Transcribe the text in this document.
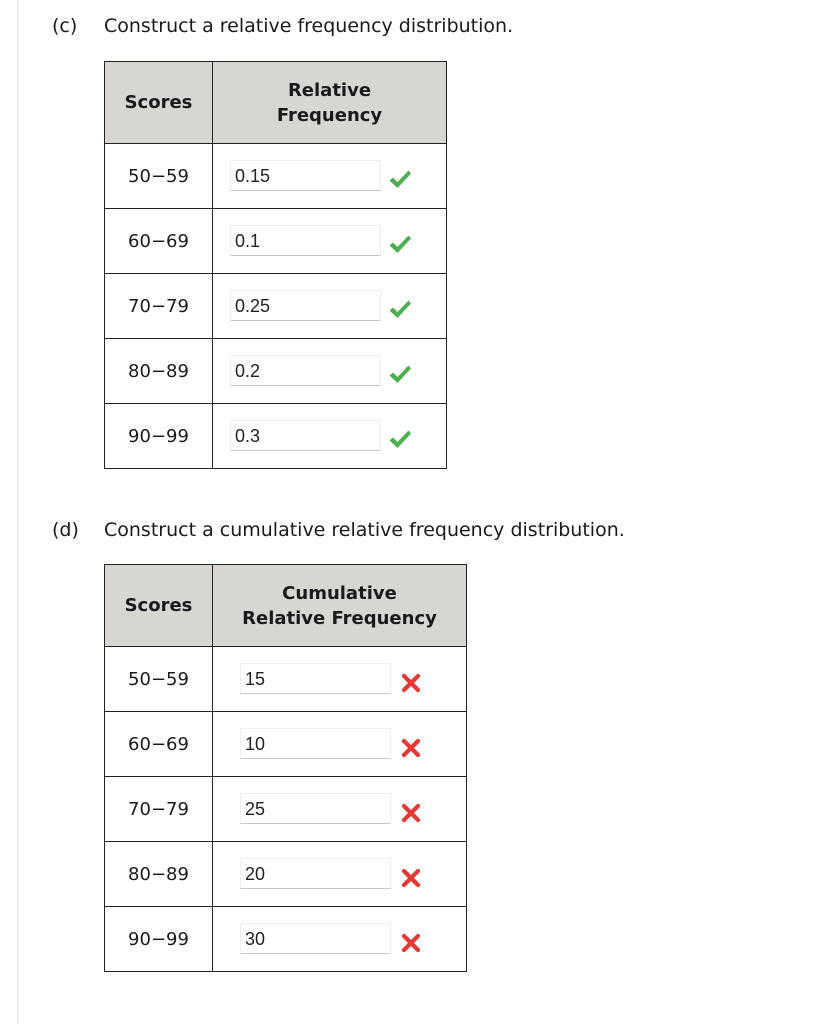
(c) Construct a relative frequency distribution.
Scores	Relative
Frequency

50−59	0.15

60−69	0.1

70−79	0.25

80−89	0.2

90−99	0.3
(d) Construct a cumulative relative frequency distribution.
Scores	Cumulative
Relative Frequency

50−59	15

60−69	10

70−79	25

80−89	20

90−99	30
